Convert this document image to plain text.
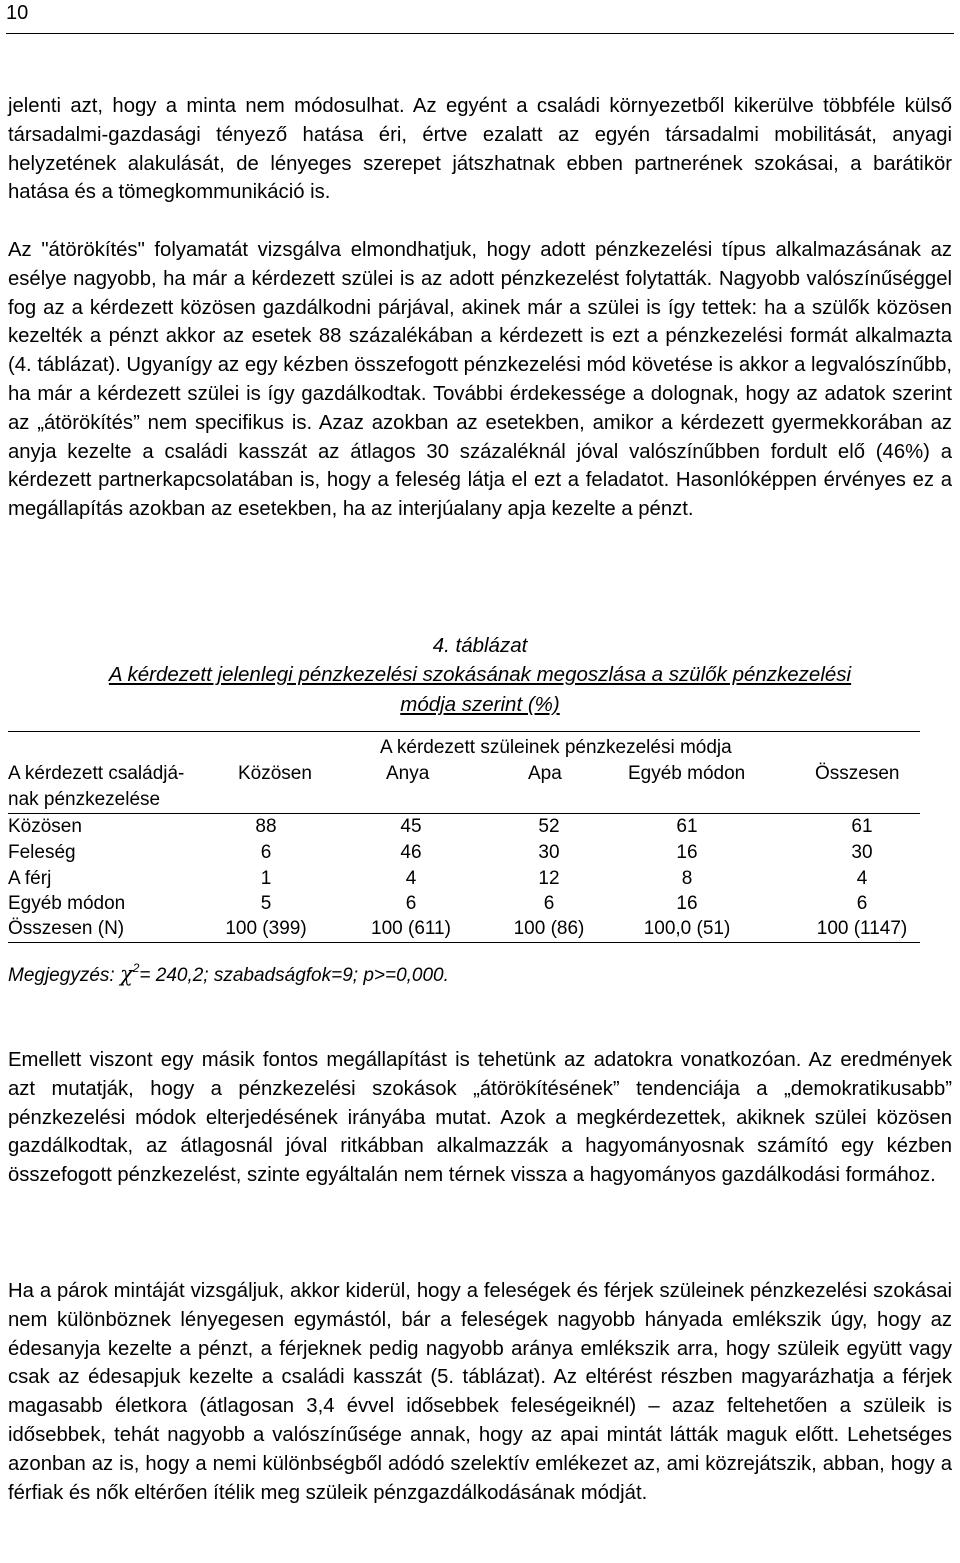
10

jelenti azt, hogy a minta nem módosulhat. Az egyént a családi környezetből kikerülve többféle külső társadalmi-gazdasági tényező hatása éri, értve ezalatt az egyén társadalmi mobilitását, anyagi helyzetének alakulását, de lényeges szerepet játszhatnak ebben partnerének szokásai, a barátikör hatása és a tömegkommunikáció is.

Az "átörökítés" folyamatát vizsgálva elmondhatjuk, hogy adott pénzkezelési típus alkalmazásának az esélye nagyobb, ha már a kérdezett szülei is az adott pénzkezelést folytatták. Nagyobb valószínűséggel fog az a kérdezett közösen gazdálkodni párjával, akinek már a szülei is így tettek: ha a szülők közösen kezelték a pénzt akkor az esetek 88 százalékában a kérdezett is ezt a pénzkezelési formát alkalmazta (4. táblázat). Ugyanígy az egy kézben összefogott pénzkezelési mód követése is akkor a legvalószínűbb, ha már a kérdezett szülei is így gazdálkodtak. További érdekessége a dolognak, hogy az adatok szerint az „átörökítés” nem specifikus is. Azaz azokban az esetekben, amikor a kérdezett gyermekkorában az anyja kezelte a családi kasszát az átlagos 30 százaléknál jóval valószínűbben fordult elő (46%) a kérdezett partnerkapcsolatában is, hogy a feleség látja el ezt a feladatot. Hasonlóképpen érvényes ez a megállapítás azokban az esetekben, ha az interjúalany apja kezelte a pénzt.

4. táblázat
A kérdezett jelenlegi pénzkezelési szokásának megoszlása a szülők pénzkezelési
módja szerint (%)
A kérdezett szüleinek pénzkezelési módja
A kérdezett családjá-
nak pénzkezelése
Közösen	Anya	Apa	Egyéb módon	Összesen
Közösen	88	45	52	61	61
Feleség	6	46	30	16	30
A férj	1	4	12	8	4
Egyéb módon	5	6	6	16	6
Összesen (N)	100 (399)	100 (611)	100 (86)	100,0 (51)	100 (1147)
Megjegyzés: $\chi^2= 240,2$; szabadságfok=9; p>=0,000.

Emellett viszont egy másik fontos megállapítást is tehetünk az adatokra vonatkozóan. Az eredmények azt mutatják, hogy a pénzkezelési szokások „átörökítésének” tendenciája a „demokratikusabb” pénzkezelési módok elterjedésének irányába mutat. Azok a megkérdezettek, akiknek szülei közösen gazdálkodtak, az átlagosnál jóval ritkábban alkalmazzák a hagyományosnak számító egy kézben összefogott pénzkezelést, szinte egyáltalán nem térnek vissza a hagyományos gazdálkodási formához.

Ha a párok mintáját vizsgáljuk, akkor kiderül, hogy a feleségek és férjek szüleinek pénzkezelési szokásai nem különböznek lényegesen egymástól, bár a feleségek nagyobb hányada emlékszik úgy, hogy az édesanyja kezelte a pénzt, a férjeknek pedig nagyobb aránya emlékszik arra, hogy szüleik együtt vagy csak az édesapjuk kezelte a családi kasszát (5. táblázat). Az eltérést részben magyarázhatja a férjek magasabb életkora (átlagosan 3,4 évvel idősebbek feleségeiknél) – azaz feltehetően a szüleik is idősebbek, tehát nagyobb a valószínűsége annak, hogy az apai mintát látták maguk előtt. Lehetséges azonban az is, hogy a nemi különbségből adódó szelektív emlékezet az, ami közrejátszik, abban, hogy a férfiak és nők eltérően ítélik meg szüleik pénzgazdálkodásának módját.
